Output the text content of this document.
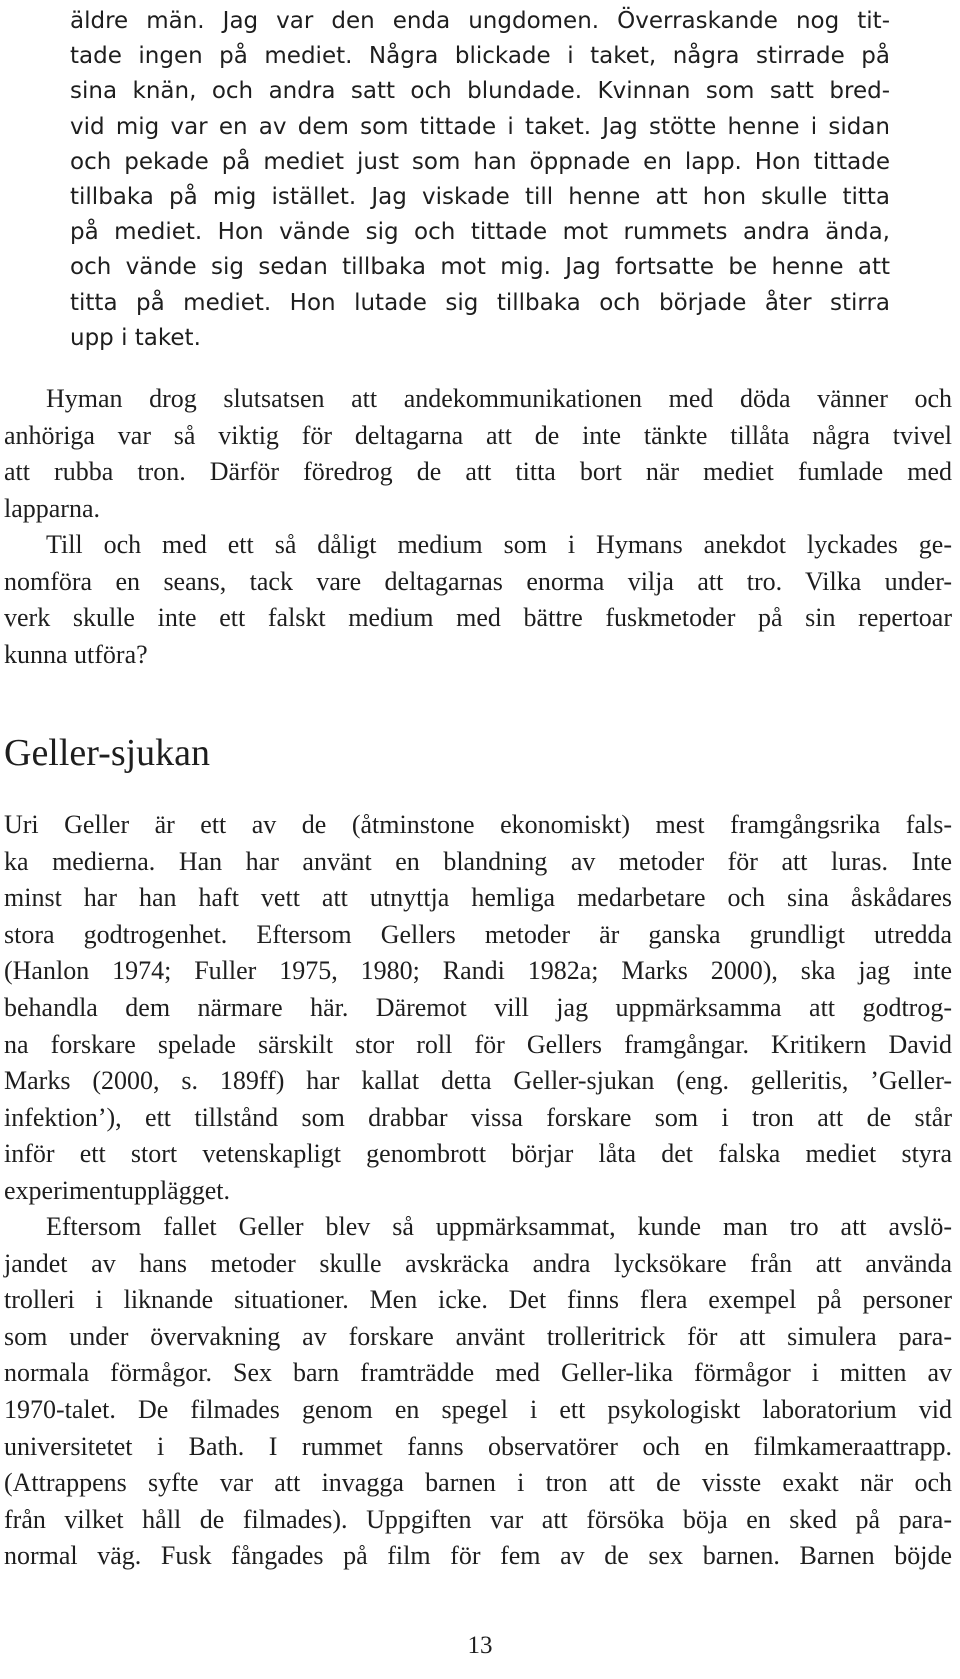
äldre män. Jag var den enda ungdomen. Överraskande nog tit-
tade ingen på mediet. Några blickade i taket, några stirrade på
sina knän, och andra satt och blundade. Kvinnan som satt bred-
vid mig var en av dem som tittade i taket. Jag stötte henne i sidan
och pekade på mediet just som han öppnade en lapp. Hon tittade
tillbaka på mig istället. Jag viskade till henne att hon skulle titta
på mediet. Hon vände sig och tittade mot rummets andra ända,
och vände sig sedan tillbaka mot mig. Jag fortsatte be henne att
titta på mediet. Hon lutade sig tillbaka och började åter stirra
upp i taket.
Hyman drog slutsatsen att andekommunikationen med döda vänner och
anhöriga var så viktig för deltagarna att de inte tänkte tillåta några tvivel
att rubba tron. Därför föredrog de att titta bort när mediet fumlade med
lapparna.
Till och med ett så dåligt medium som i Hymans anekdot lyckades ge-
nomföra en seans, tack vare deltagarnas enorma vilja att tro. Vilka under-
verk skulle inte ett falskt medium med bättre fuskmetoder på sin repertoar
kunna utföra?
Geller-sjukan
Uri Geller är ett av de (åtminstone ekonomiskt) mest framgångsrika fals-
ka medierna. Han har använt en blandning av metoder för att luras. Inte
minst har han haft vett att utnyttja hemliga medarbetare och sina åskådares
stora godtrogenhet. Eftersom Gellers metoder är ganska grundligt utredda
(Hanlon 1974; Fuller 1975, 1980; Randi 1982a; Marks 2000), ska jag inte
behandla dem närmare här. Däremot vill jag uppmärksamma att godtrog-
na forskare spelade särskilt stor roll för Gellers framgångar. Kritikern David
Marks (2000, s. 189ff) har kallat detta Geller-sjukan (eng. gelleritis, ’Geller-
infektion’), ett tillstånd som drabbar vissa forskare som i tron att de står
inför ett stort vetenskapligt genombrott börjar låta det falska mediet styra
experimentupplägget.
Eftersom fallet Geller blev så uppmärksammat, kunde man tro att avslö-
jandet av hans metoder skulle avskräcka andra lycksökare från att använda
trolleri i liknande situationer. Men icke. Det finns flera exempel på personer
som under övervakning av forskare använt trolleritrick för att simulera para-
normala förmågor. Sex barn framträdde med Geller-lika förmågor i mitten av
1970-talet. De filmades genom en spegel i ett psykologiskt laboratorium vid
universitetet i Bath. I rummet fanns observatörer och en filmkameraattrapp.
(Attrappens syfte var att invagga barnen i tron att de visste exakt när och
från vilket håll de filmades). Uppgiften var att försöka böja en sked på para-
normal väg. Fusk fångades på film för fem av de sex barnen. Barnen böjde
13
